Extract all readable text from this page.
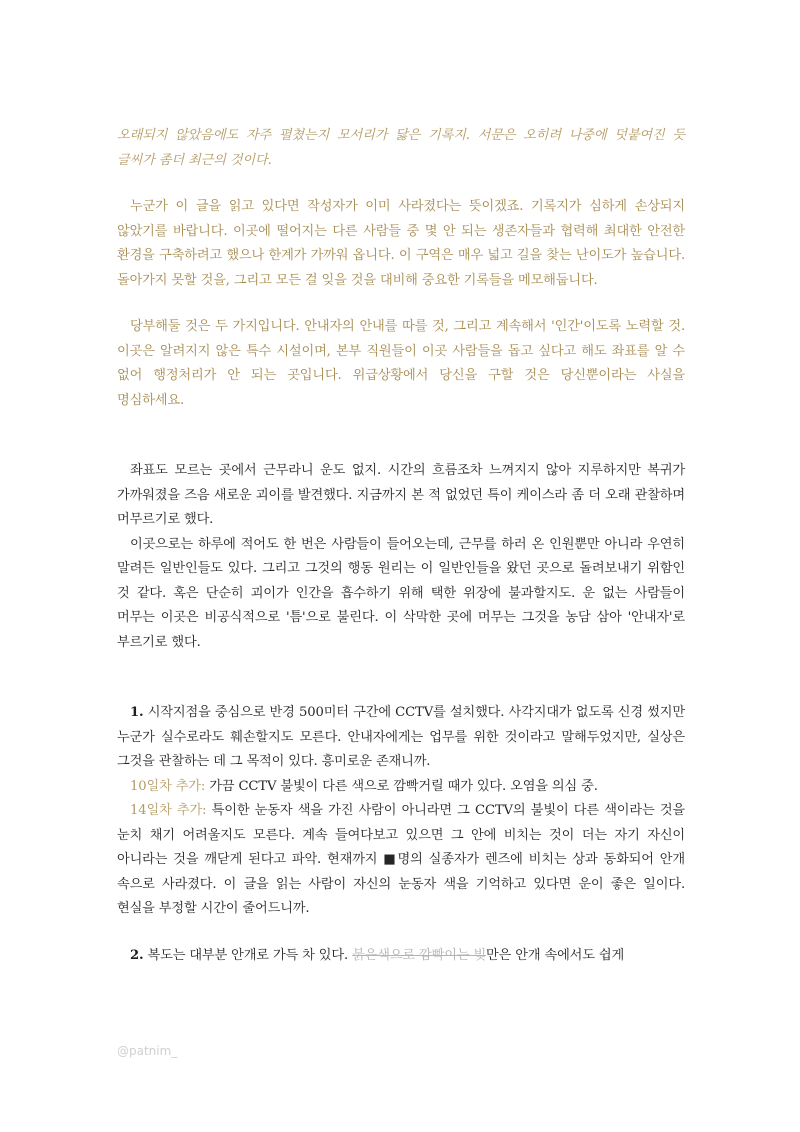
오래되지 않았음에도 자주 펼쳤는지 모서리가 닳은 기록지. 서문은 오히려 나중에 덧붙여진 듯 글씨가 좀더 최근의 것이다.

누군가 이 글을 읽고 있다면 작성자가 이미 사라졌다는 뜻이겠죠. 기록지가 심하게 손상되지 않았기를 바랍니다. 이곳에 떨어지는 다른 사람들 중 몇 안 되는 생존자들과 협력해 최대한 안전한 환경을 구축하려고 했으나 한계가 가까워 옵니다. 이 구역은 매우 넓고 길을 찾는 난이도가 높습니다. 돌아가지 못할 것을, 그리고 모든 걸 잊을 것을 대비해 중요한 기록들을 메모해둡니다.

당부해둘 것은 두 가지입니다. 안내자의 안내를 따를 것, 그리고 계속해서 '인간'이도록 노력할 것. 이곳은 알려지지 않은 특수 시설이며, 본부 직원들이 이곳 사람들을 돕고 싶다고 해도 좌표를 알 수 없어 행정처리가 안 되는 곳입니다. 위급상황에서 당신을 구할 것은 당신뿐이라는 사실을 명심하세요.

좌표도 모르는 곳에서 근무라니 운도 없지. 시간의 흐름조차 느껴지지 않아 지루하지만 복귀가 가까워졌을 즈음 새로운 괴이를 발견했다. 지금까지 본 적 없었던 특이 케이스라 좀 더 오래 관찰하며 머무르기로 했다.

이곳으로는 하루에 적어도 한 번은 사람들이 들어오는데, 근무를 하러 온 인원뿐만 아니라 우연히 말려든 일반인들도 있다. 그리고 그것의 행동 원리는 이 일반인들을 왔던 곳으로 돌려보내기 위함인 것 같다. 혹은 단순히 괴이가 인간을 흡수하기 위해 택한 위장에 불과할지도. 운 없는 사람들이 머무는 이곳은 비공식적으로 '틈'으로 불린다. 이 삭막한 곳에 머무는 그것을 농담 삼아 '안내자'로 부르기로 했다.

1. 시작지점을 중심으로 반경 500미터 구간에 CCTV를 설치했다. 사각지대가 없도록 신경 썼지만 누군가 실수로라도 훼손할지도 모른다. 안내자에게는 업무를 위한 것이라고 말해두었지만, 실상은 그것을 관찰하는 데 그 목적이 있다. 흥미로운 존재니까.

10일차 추가: 가끔 CCTV 불빛이 다른 색으로 깜빡거릴 때가 있다. 오염을 의심 중.

14일차 추가: 특이한 눈동자 색을 가진 사람이 아니라면 그 CCTV의 불빛이 다른 색이라는 것을 눈치 채기 어려울지도 모른다. 계속 들여다보고 있으면 그 안에 비치는 것이 더는 자기 자신이 아니라는 것을 깨닫게 된다고 파악. 현재까지 ■명의 실종자가 렌즈에 비치는 상과 동화되어 안개 속으로 사라졌다. 이 글을 읽는 사람이 자신의 눈동자 색을 기억하고 있다면 운이 좋은 일이다. 현실을 부정할 시간이 줄어드니까.

2. 복도는 대부분 안개로 가득 차 있다. 붉은색으로 깜빡이는 빛만은 안개 속에서도 쉽게

@patnim_
